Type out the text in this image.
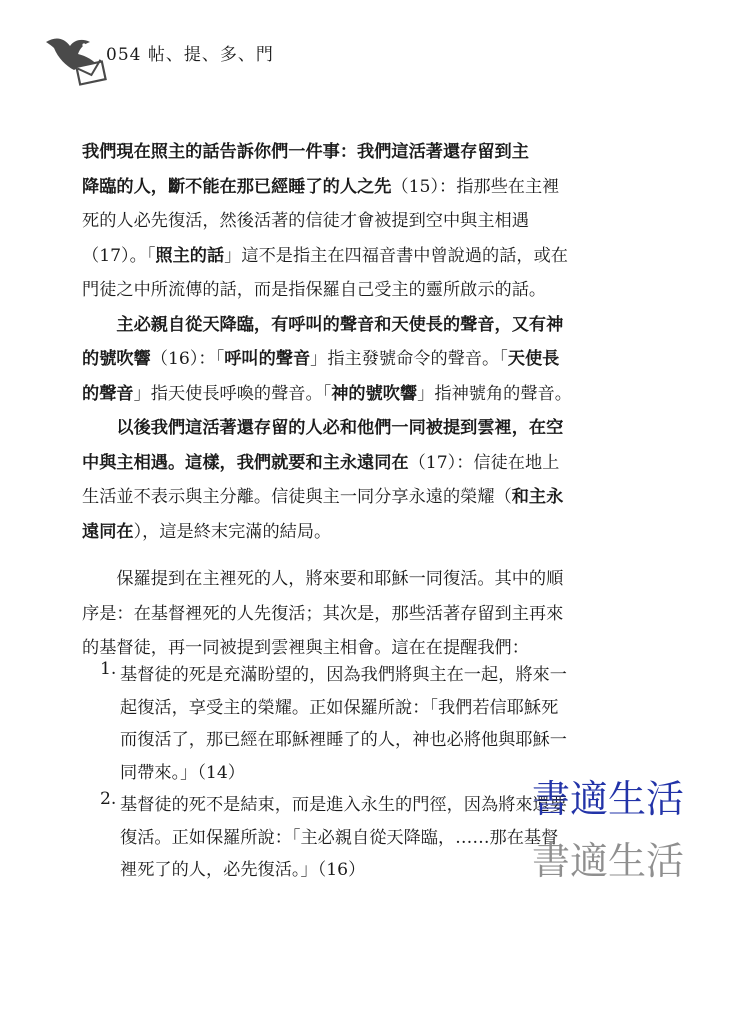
054 帖、提、多、門

我們現在照主的話告訴你們一件事：我們這活著還存留到主

降臨的人，斷不能在那已經睡了的人之先（15）：指那些在主裡

死的人必先復活，然後活著的信徒才會被提到空中與主相遇

（17）。「照主的話」這不是指主在四福音書中曾說過的話，或在

門徒之中所流傳的話，而是指保羅自己受主的靈所啟示的話。

　　主必親自從天降臨，有呼叫的聲音和天使長的聲音，又有神

的號吹響（16）：「呼叫的聲音」指主發號命令的聲音。「天使長

的聲音」指天使長呼喚的聲音。「神的號吹響」指神號角的聲音。

　　以後我們這活著還存留的人必和他們一同被提到雲裡，在空

中與主相遇。這樣，我們就要和主永遠同在（17）：信徒在地上

生活並不表示與主分離。信徒與主一同分享永遠的榮耀（和主永

遠同在），這是終末完滿的結局。

　　保羅提到在主裡死的人，將來要和耶穌一同復活。其中的順

序是：在基督裡死的人先復活；其次是，那些活著存留到主再來

的基督徒，再一同被提到雲裡與主相會。這在在提醒我們：

1. 基督徒的死是充滿盼望的，因為我們將與主在一起，將來一

起復活，享受主的榮耀。正如保羅所說：「我們若信耶穌死

而復活了，那已經在耶穌裡睡了的人，神也必將他與耶穌一

同帶來。」（14）

2. 基督徒的死不是結束，而是進入永生的門徑，因為將來還要

復活。正如保羅所說：「主必親自從天降臨，……那在基督

裡死了的人，必先復活。」（16）

書適生活
書適生活
